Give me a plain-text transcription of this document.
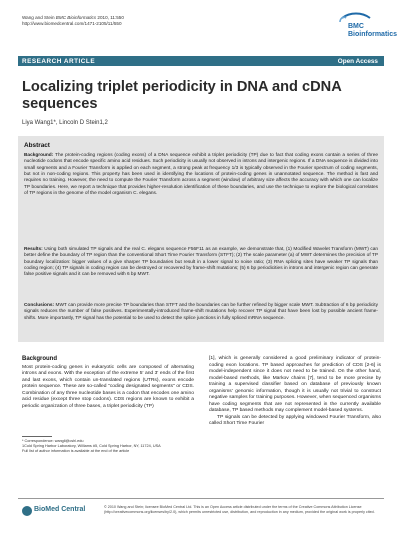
Wang and Stein BMC Bioinformatics 2010, 11:550
http://www.biomedcentral.com/1471-2105/11/550	BMC
Bioinformatics
RESEARCH ARTICLE	Open Access
Localizing triplet periodicity in DNA and cDNA sequences
Liya Wang1*, Lincoln D Stein1,2
Abstract

Background: The protein-coding regions (coding exons) of a DNA sequence exhibit a triplet periodicity (TP) due to fact that coding exons contain a series of three nucleotide codons that encode specific amino acid residues. Such periodicity is usually not observed in introns and intergenic regions. If a DNA sequence is divided into small segments and a Fourier Transform is applied on each segment, a strong peak at frequency 1/3 is typically observed in the Fourier spectrum of coding segments, but not in non-coding regions. This property has been used in identifying the locations of protein-coding genes in unannotated sequence. The method is fast and requires no training. However, the need to compute the Fourier Transform across a segment (window) of arbitrary size affects the accuracy with which one can localize TP boundaries. Here, we report a technique that provides higher-resolution identification of these boundaries, and use the technique to explore the biological correlates of TP regions in the genome of the model organism C. elegans.

Results: Using both simulated TP signals and the real C. elegans sequence F56F11 as an example, we demonstrate that, (1) Modified Wavelet Transform (MWT) can better define the boundary of TP region than the conventional Short Time Fourier Transform (STFT); (2) The scale parameter (a) of MWT determines the precision of TP boundary localization: bigger values of a give sharper TP boundaries but result in a lower signal to noise ratio; (3) RNA splicing sites have weaker TP signals than coding region; (4) TP signals in coding region can be destroyed or recovered by frame-shift mutations; (5) 6 bp periodicities in introns and intergenic region can generate false positive signals and it can be removed with 6 bp MWT.

Conclusions: MWT can provide more precise TP boundaries than STFT and the boundaries can be further refined by bigger scale MWT. Subtraction of 6 bp periodicity signals reduces the number of false positives. Experimentally-introduced frame-shift mutations help recover TP signal that have been lost by possible ancient frame-shifts. More importantly, TP signal has the potential to be used to detect the splice junctions in fully spliced mRNA sequence.

Background

Most protein-coding genes in eukaryotic cells are composed of alternating introns and exons. With the exception of the extreme 5' and 3' ends of the first and last exons, which contain un-translated regions (UTRs), exons encode protein sequence. These are so-called "coding designated segments" or CDS. Combination of any three nucleotide bases is a codon that encodes one amino acid residue (except three stop codons). CDS regions are known to exhibit a periodic organization of three bases, a triplet periodicity (TP)

[1], which is generally considered a good preliminary indicator of protein-coding exon locations. TP based approaches for prediction of CDS [2-6] is model-independent since it does not need to be trained. On the other hand, model-based methods, like Markov chains [7], tend to be more precise by training a supervised classifier based on database of previously known organisms' genomic information, though it is usually not trivial to construct negative samples for training purposes. However, when sequenced organisms have coding segments that are not represented in the currently available database, TP based methods may complement model-based systems.

TP signals can be detected by applying windowed Fourier Transform, also called Short Time Fourier

* Correspondence: wangli@cshl.edu
1Cold Spring Harbor Laboratory, Williams #5, Cold Spring Harbor, NY, 11724, USA
Full list of author information is available at the end of the article
BioMed Central	© 2010 Wang and Stein; licensee BioMed Central Ltd. This is an Open Access article distributed under the terms of the Creative Commons Attribution License (http://creativecommons.org/licenses/by/2.0), which permits unrestricted use, distribution, and reproduction in any medium, provided the original work is properly cited.
